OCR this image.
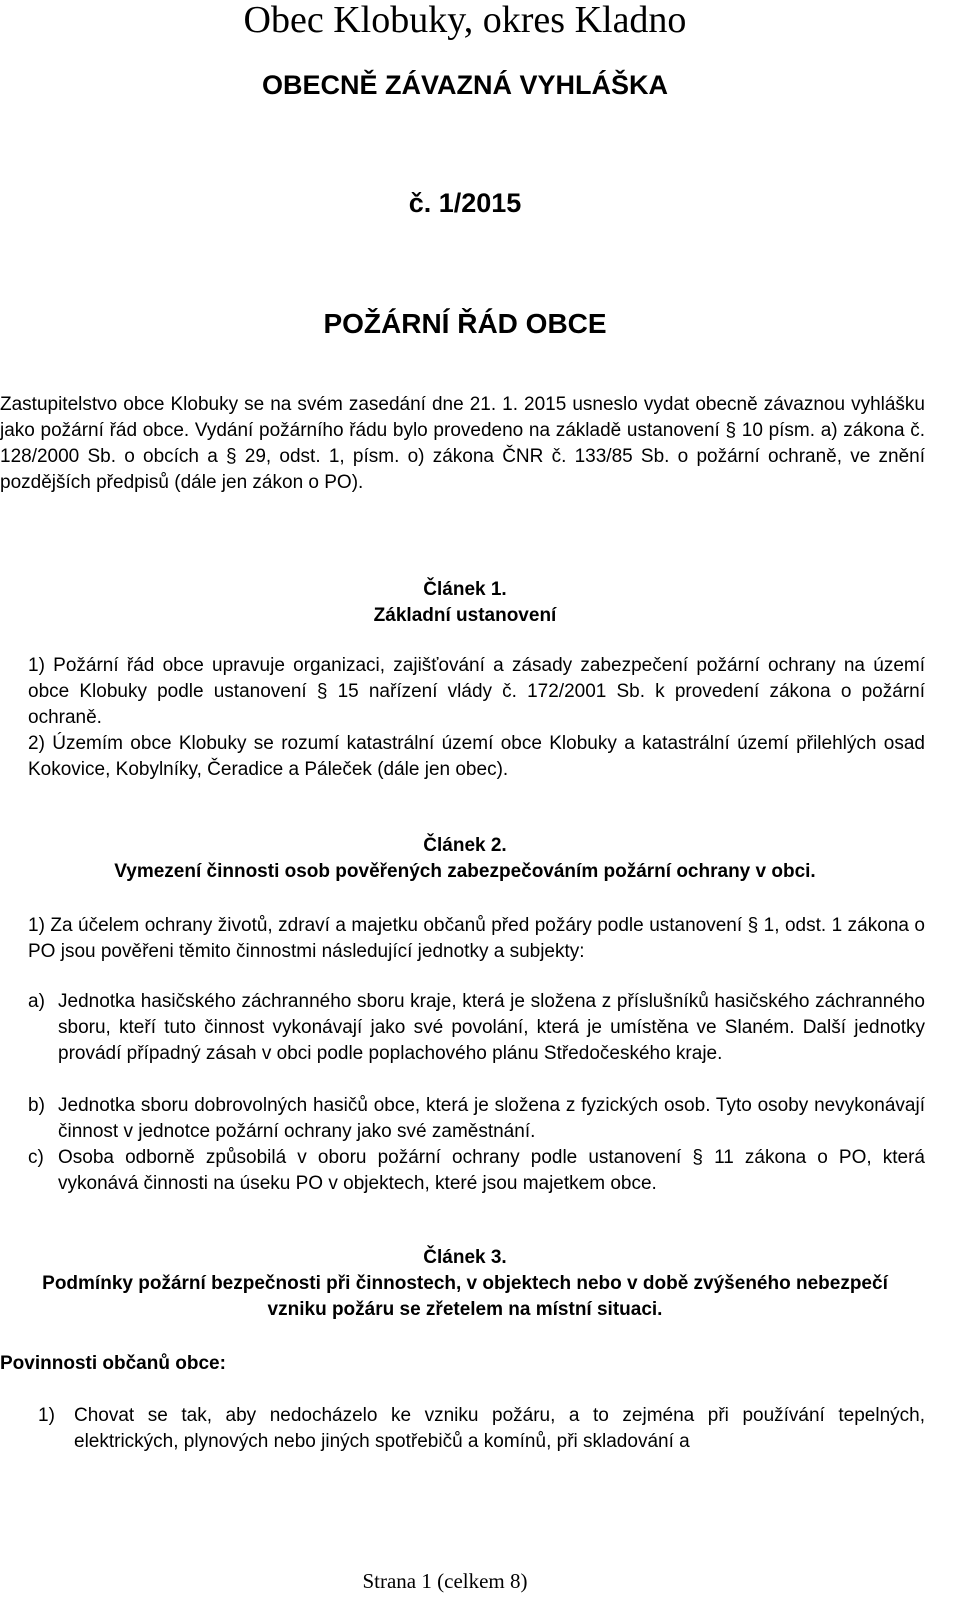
Obec Klobuky, okres Kladno
OBECNĚ ZÁVAZNÁ VYHLÁŠKA
č. 1/2015
POŽÁRNÍ ŘÁD OBCE

Zastupitelstvo obce Klobuky se na svém zasedání dne 21. 1. 2015 usneslo vydat obecně závaznou vyhlášku jako požární řád obce. Vydání požárního řádu bylo provedeno na základě ustanovení § 10 písm. a) zákona č. 128/2000 Sb. o obcích a § 29, odst. 1, písm. o) zákona ČNR č. 133/85 Sb. o požární ochraně, ve znění pozdějších předpisů (dále jen zákon o PO).

Článek 1.
Základní ustanovení

1) Požární řád obce upravuje organizaci, zajišťování a zásady zabezpečení požární ochrany na území obce Klobuky podle ustanovení § 15 nařízení vlády č. 172/2001 Sb. k provedení zákona o požární ochraně.

2) Územím obce Klobuky se rozumí katastrální území obce Klobuky a katastrální území přilehlých osad Kokovice, Kobylníky, Čeradice a Páleček (dále jen obec).

Článek 2.
Vymezení činnosti osob pověřených zabezpečováním požární ochrany v obci.

1) Za účelem ochrany životů, zdraví a majetku občanů před požáry podle ustanovení § 1, odst. 1 zákona o PO jsou pověřeni těmito činnostmi následující jednotky a subjekty:

a) Jednotka hasičského záchranného sboru kraje, která je složena z příslušníků hasičského záchranného sboru, kteří tuto činnost vykonávají jako své povolání, která je umístěna ve Slaném. Další jednotky provádí případný zásah v obci podle poplachového plánu Středočeského kraje.

b) Jednotka sboru dobrovolných hasičů obce, která je složena z fyzických osob. Tyto osoby nevykonávají činnost v jednotce požární ochrany jako své zaměstnání.

c) Osoba odborně způsobilá v oboru požární ochrany podle ustanovení § 11 zákona o PO, která vykonává činnosti na úseku PO v objektech, které jsou majetkem obce.

Článek 3.
Podmínky požární bezpečnosti při činnostech, v objektech nebo v době zvýšeného nebezpečí vzniku požáru se zřetelem na místní situaci.
Povinnosti občanů obce:
1)	Chovat se tak, aby nedocházelo ke vzniku požáru, a to zejména při používání tepelných, elektrických, plynových nebo jiných spotřebičů a komínů, při skladování a

Strana 1 (celkem 8)
